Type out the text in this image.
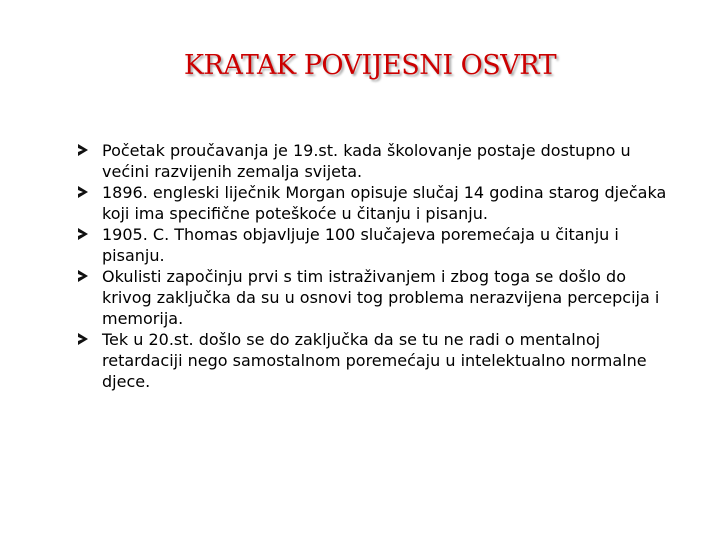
KRATAK POVIJESNI OSVRT
Početak proučavanja je 19.st. kada školovanje postaje dostupno u većini razvijenih zemalja svijeta.
1896. engleski liječnik Morgan opisuje slučaj 14 godina starog dječaka koji ima specifične poteškoće u čitanju i pisanju.
1905. C. Thomas objavljuje 100 slučajeva poremećaja u čitanju i pisanju.
Okulisti započinju prvi s tim istraživanjem i zbog toga se došlo do krivog zaključka da su u osnovi tog problema nerazvijena percepcija i memorija.
Tek u 20.st. došlo se do zaključka da se tu ne radi o mentalnoj retardaciji nego samostalnom poremećaju u intelektualno normalne djece.
